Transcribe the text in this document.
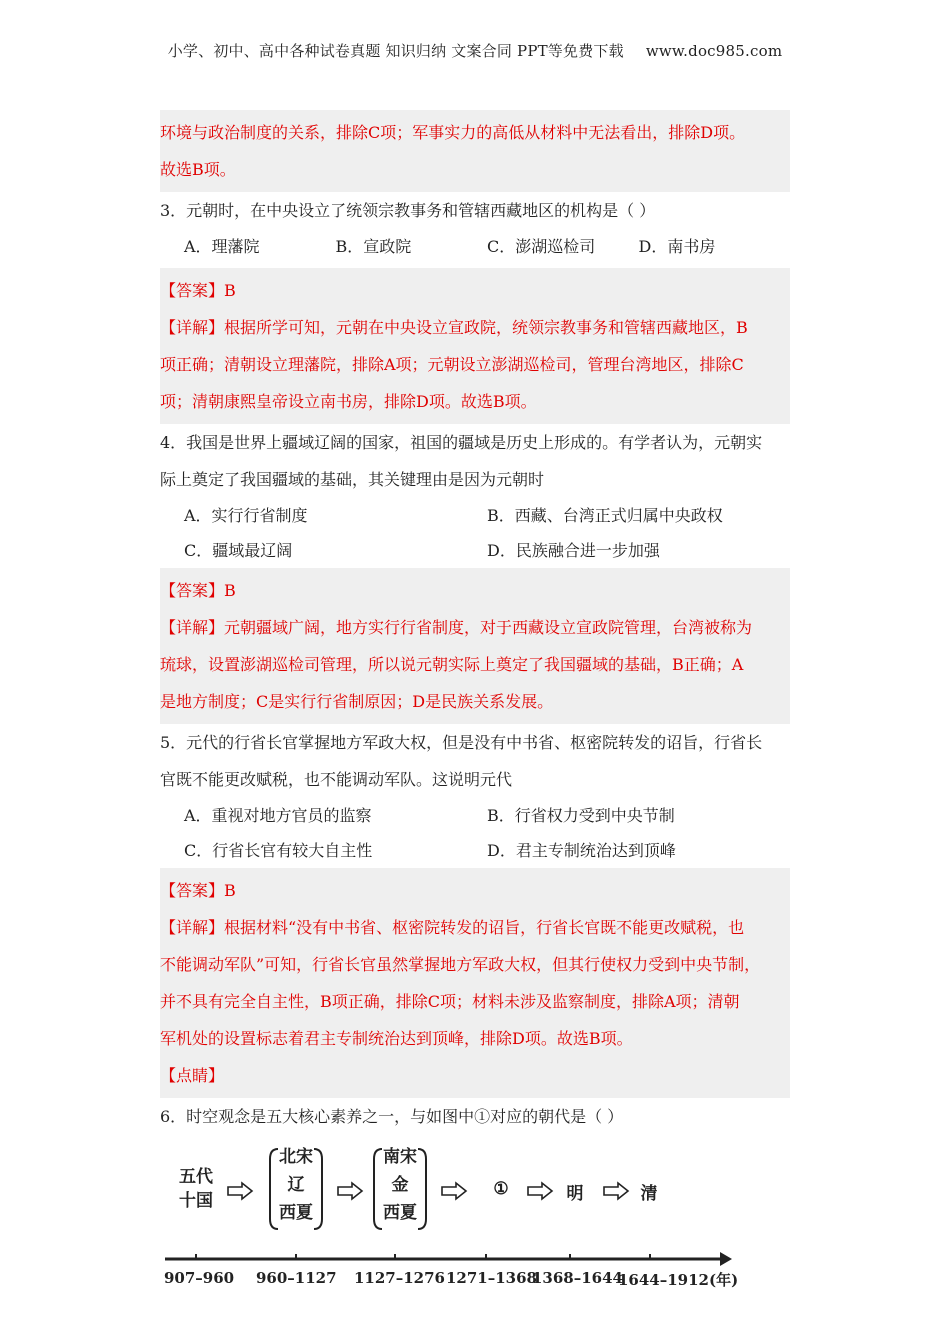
小学、初中、高中各种试卷真题 知识归纳 文案合同 PPT等免费下载 www.doc985.com
环境与政治制度的关系，排除C项；军事实力的高低从材料中无法看出，排除D项。
故选B项。
3．元朝时，在中央设立了统领宗教事务和管辖西藏地区的机构是（ ）
A．理藩院	B．宣政院	C．澎湖巡检司	D．南书房
【答案】B
【详解】根据所学可知，元朝在中央设立宣政院，统领宗教事务和管辖西藏地区，B
项正确；清朝设立理藩院，排除A项；元朝设立澎湖巡检司，管理台湾地区，排除C
项；清朝康熙皇帝设立南书房，排除D项。故选B项。
4．我国是世界上疆域辽阔的国家，祖国的疆域是历史上形成的。有学者认为，元朝实
际上奠定了我国疆域的基础，其关键理由是因为元朝时
A．实行行省制度	B．西藏、台湾正式归属中央政权
C．疆域最辽阔	D．民族融合进一步加强
【答案】B
【详解】元朝疆域广阔，地方实行行省制度，对于西藏设立宣政院管理，台湾被称为
琉球，设置澎湖巡检司管理，所以说元朝实际上奠定了我国疆域的基础，B正确；A
是地方制度；C是实行行省制原因；D是民族关系发展。
5．元代的行省长官掌握地方军政大权，但是没有中书省、枢密院转发的诏旨，行省长
官既不能更改赋税，也不能调动军队。这说明元代
A．重视对地方官员的监察	B．行省权力受到中央节制
C．行省长官有较大自主性	D．君主专制统治达到顶峰
【答案】B
【详解】根据材料“没有中书省、枢密院转发的诏旨，行省长官既不能更改赋税，也
不能调动军队”可知，行省长官虽然掌握地方军政大权，但其行使权力受到中央节制，
并不具有完全自主性，B项正确，排除C项；材料未涉及监察制度，排除A项；清朝
军机处的设置标志着君主专制统治达到顶峰，排除D项。故选B项。
【点睛】
6．时空观念是五大核心素养之一，与如图中①对应的朝代是（ ）
五代
十国
北宋
辽
西夏
南宋
金
西夏
①	明	清
907–960 960–1127 1127–1276 1271–1368
1368–1644
1644–1912(年)
